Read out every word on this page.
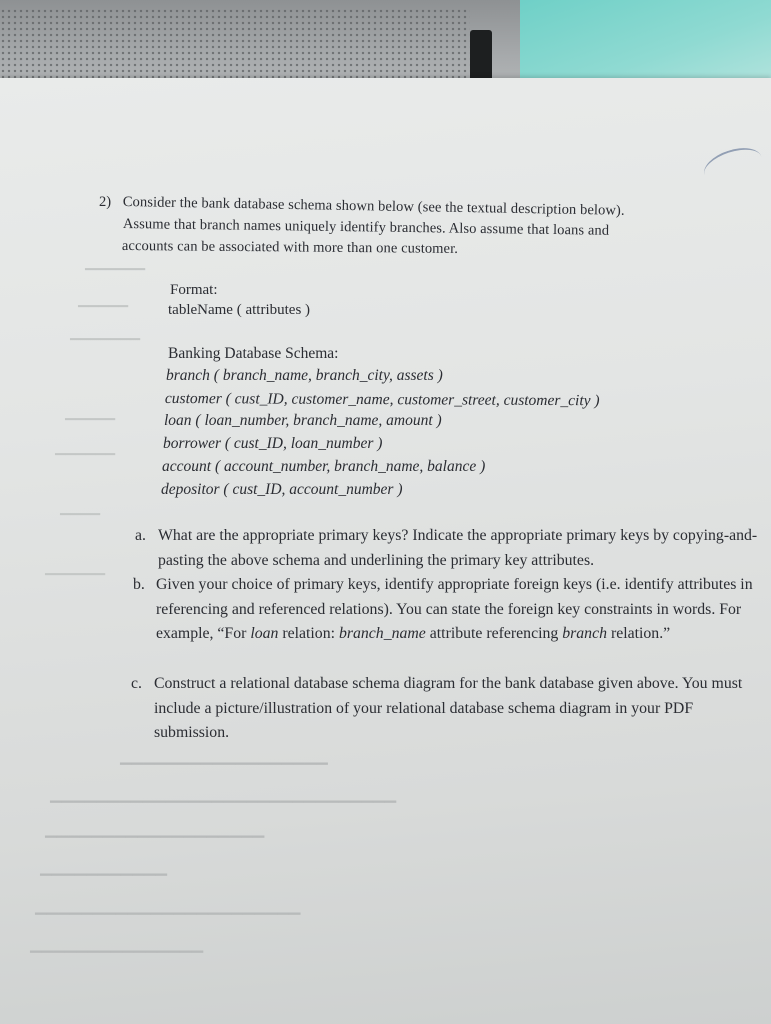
▁▁▁▁▁▁
▁▁▁▁▁
▁▁▁▁▁▁▁
▁▁▁▁▁
▁▁▁▁▁▁
▁▁▁▁
▁▁▁▁▁▁
2) Consider the bank database schema shown below (see the textual description below).
Assume that branch names uniquely identify branches. Also assume that loans and
accounts can be associated with more than one customer.
Format:
tableName ( attributes )
Banking Database Schema:
branch ( branch_name, branch_city, assets )
customer ( cust_ID, customer_name, customer_street, customer_city )
loan ( loan_number, branch_name, amount )
borrower ( cust_ID, loan_number )
account ( account_number, branch_name, balance )
depositor ( cust_ID, account_number )
a. What are the appropriate primary keys? Indicate the appropriate primary keys by copying-and-pasting the above schema and underlining the primary key attributes.
b. Given your choice of primary keys, identify appropriate foreign keys (i.e. identify attributes in referencing and referenced relations). You can state the foreign key constraints in words. For example, “For loan relation: branch_name attribute referencing branch relation.”
c. Construct a relational database schema diagram for the bank database given above. You must include a picture/illustration of your relational database schema diagram in your PDF submission.
▁▁▁▁▁▁▁▁▁▁▁▁▁▁▁▁▁▁
▁▁▁▁▁▁▁▁▁▁▁▁▁▁▁▁▁▁▁▁▁▁▁▁▁▁▁▁▁▁
▁▁▁▁▁▁▁▁▁▁▁▁▁▁▁▁▁▁▁
▁▁▁▁▁▁▁▁▁▁▁
▁▁▁▁▁▁▁▁▁▁▁▁▁▁▁▁▁▁▁▁▁▁▁
▁▁▁▁▁▁▁▁▁▁▁▁▁▁▁
